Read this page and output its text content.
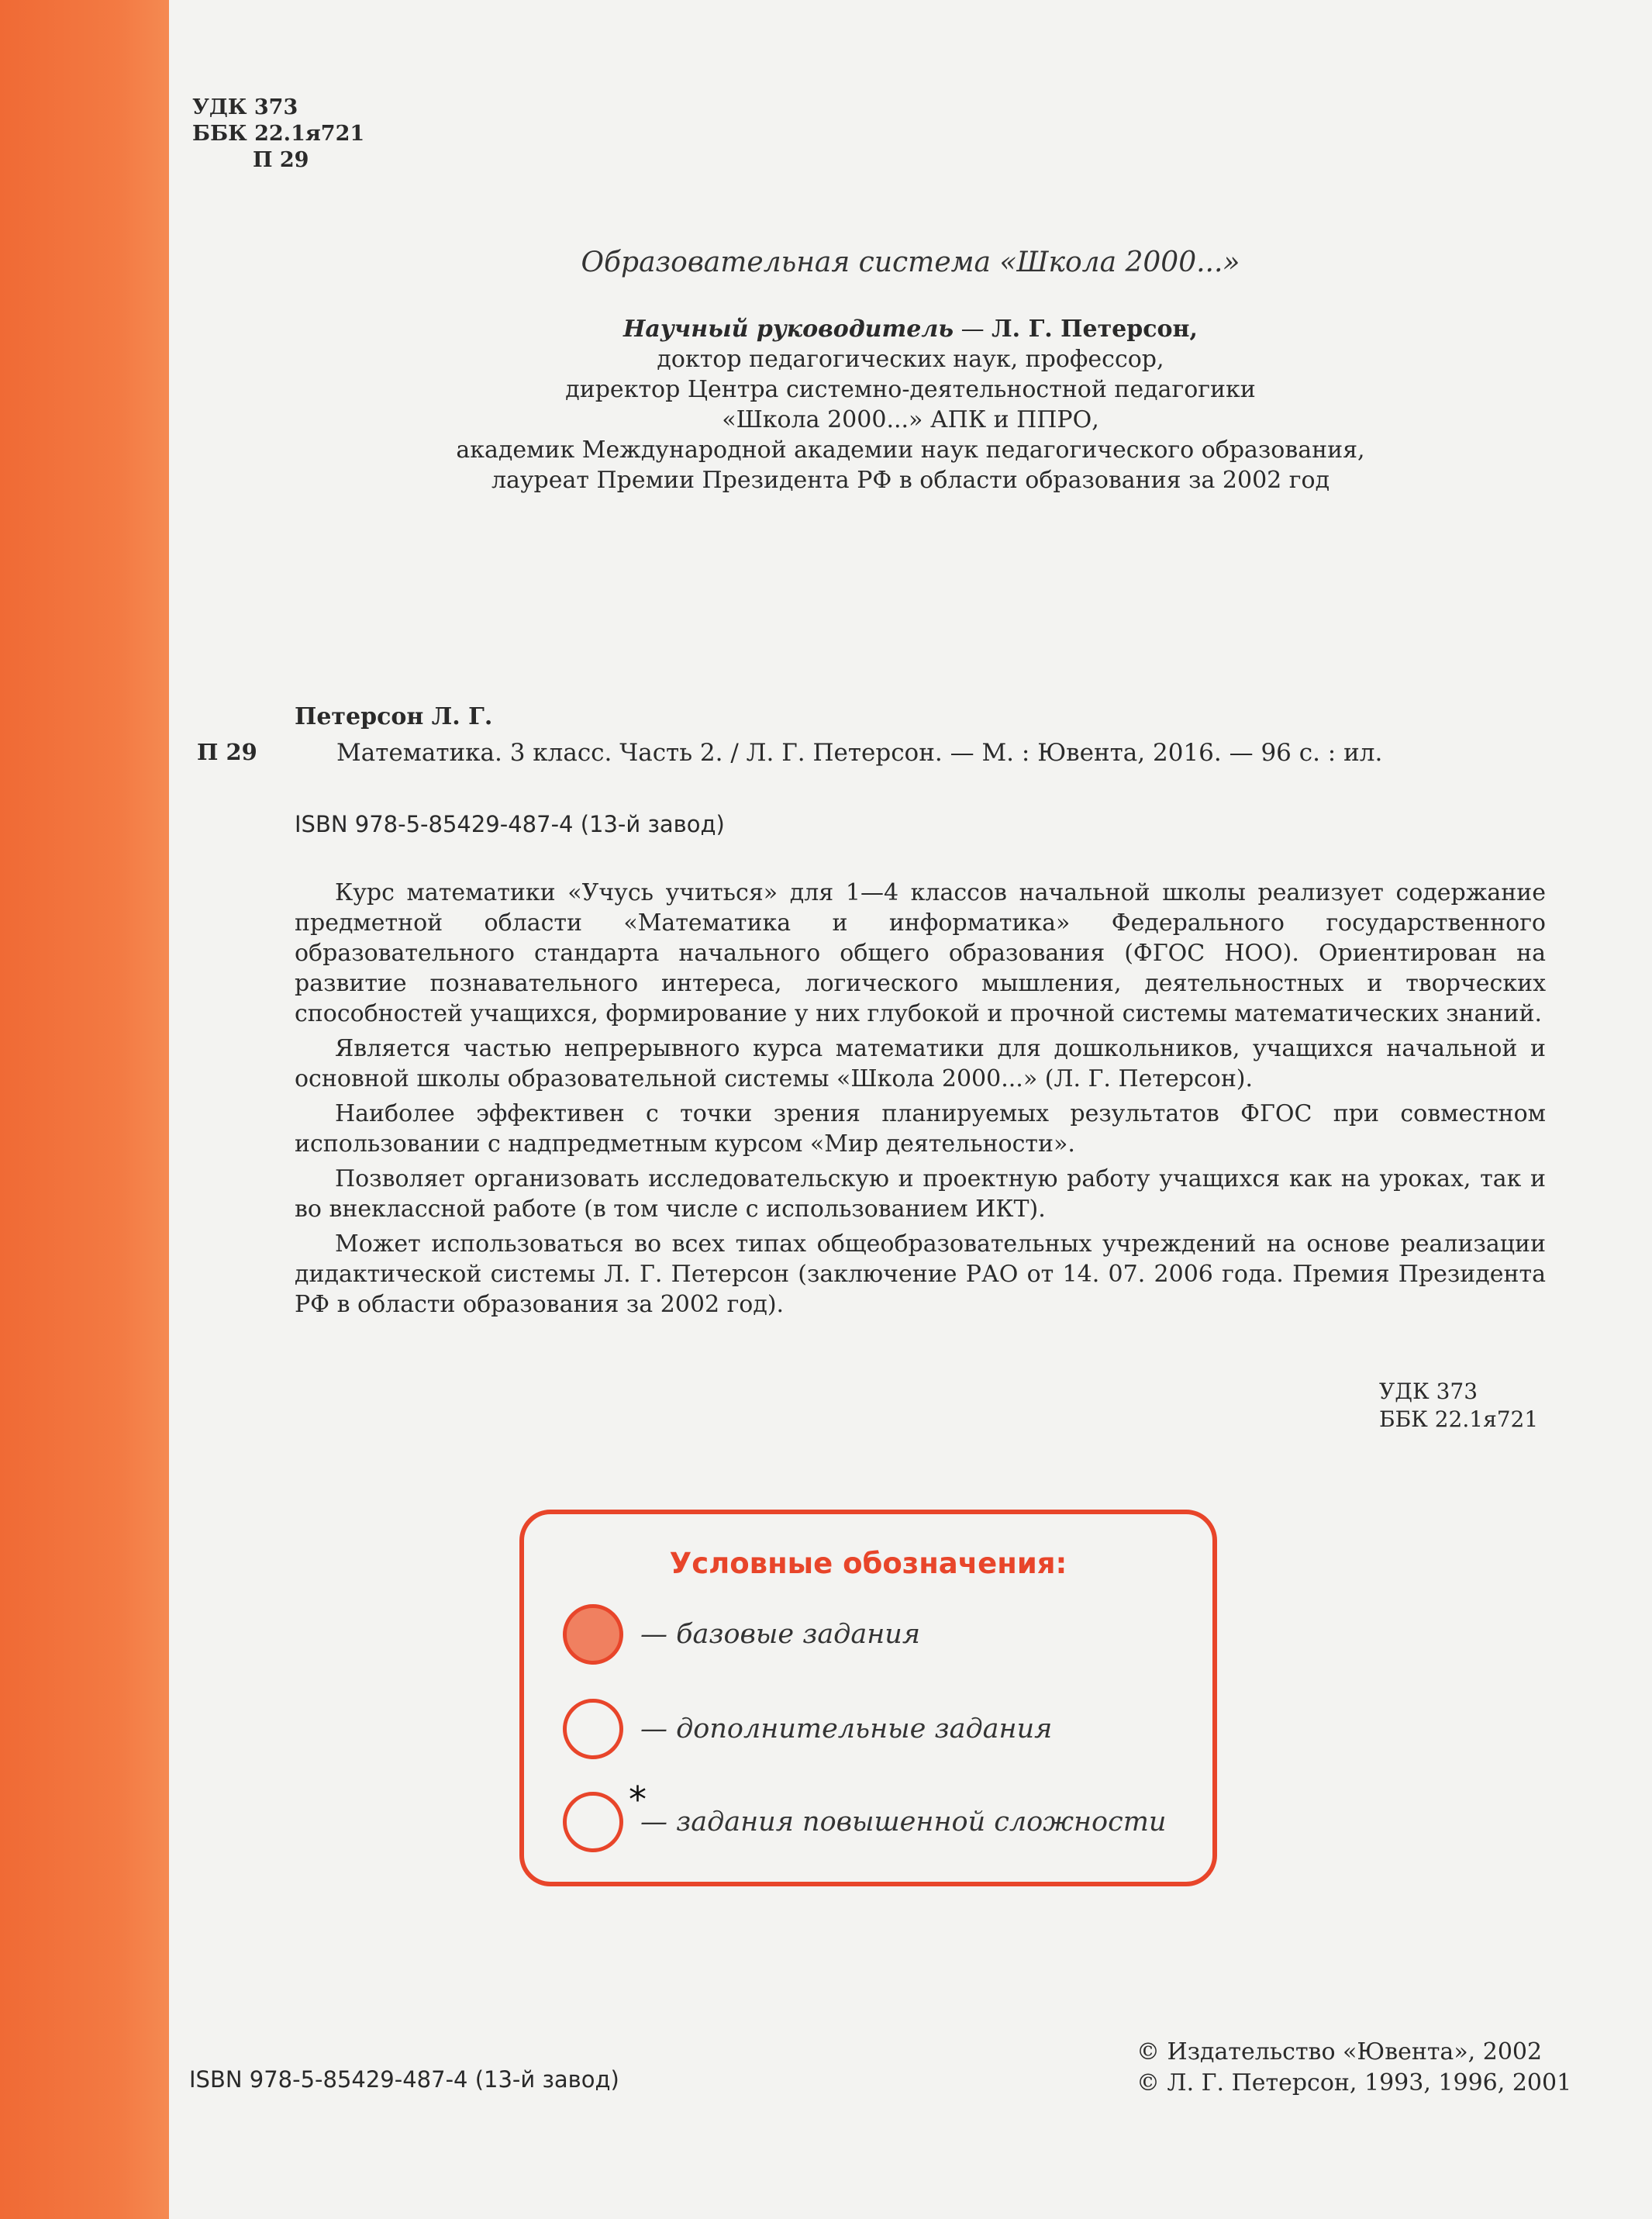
УДК 373
ББК 22.1я721
П 29
Образовательная система «Школа 2000...»
Научный руководитель — Л. Г. Петерсон,
доктор педагогических наук, профессор,
директор Центра системно-деятельностной педагогики
«Школа 2000...» АПК и ППРО,
академик Международной академии наук педагогического образования,
лауреат Премии Президента РФ в области образования за 2002 год
Петерсон Л. Г.
П 29	Математика. 3 класс. Часть 2. / Л. Г. Петерсон. — М. : Ювента, 2016. — 96 с. : ил.
ISBN 978-5-85429-487-4 (13-й завод)

Курс математики «Учусь учиться» для 1—4 классов начальной школы реализует содержание предметной области «Математика и информатика» Федерального государственного образовательного стандарта начального общего образования (ФГОС НОО). Ориентирован на развитие познавательного интереса, логического мышления, деятельностных и творческих способностей учащихся, формирование у них глубокой и прочной системы математических знаний.

Является частью непрерывного курса математики для дошкольников, учащихся начальной и основной школы образовательной системы «Школа 2000...» (Л. Г. Петерсон).

Наиболее эффективен с точки зрения планируемых результатов ФГОС при совместном использовании с надпредметным курсом «Мир деятельности».

Позволяет организовать исследовательскую и проектную работу учащихся как на уроках, так и во внеклассной работе (в том числе с использованием ИКТ).

Может использоваться во всех типах общеобразовательных учреждений на основе реализации дидактической системы Л. Г. Петерсон (заключение РАО от 14. 07. 2006 года. Премия Президента РФ в области образования за 2002 год).

УДК 373
ББК 22.1я721
Условные обозначения:
— базовые задания
— дополнительные задания
*
— задания повышенной сложности
ISBN 978-5-85429-487-4 (13-й завод)
© Издательство «Ювента», 2002
© Л. Г. Петерсон, 1993, 1996, 2001
